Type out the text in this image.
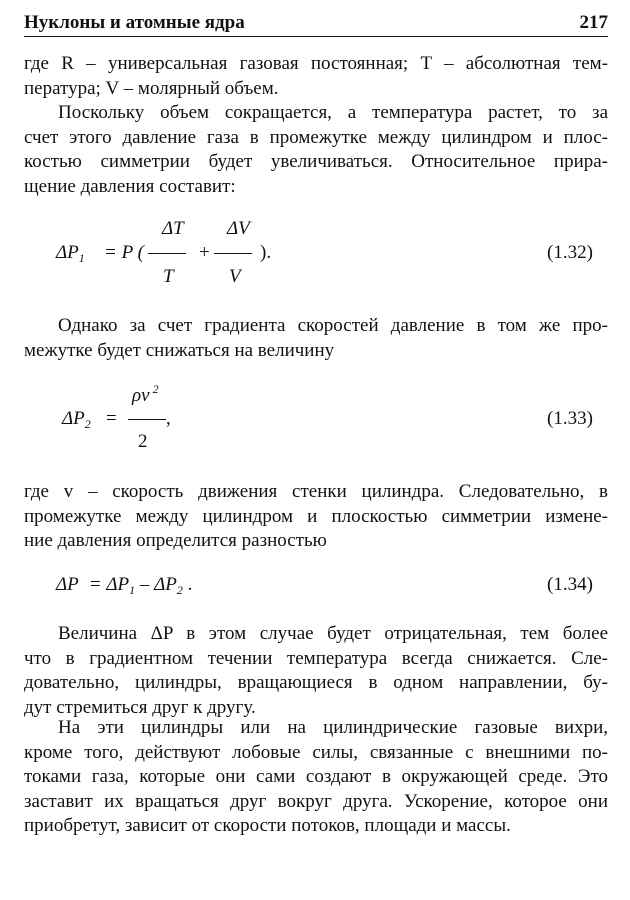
Нуклоны и атомные ядра	217
где R – универсальная газовая постоянная; T – абсолютная тем-
пература; V – молярный объем.
Поскольку объем сокращается, а температура растет, то за
счет этого давление газа в промежутке между цилиндром и плос-
костью симметрии будет увеличиваться. Относительное прира-
щение давления составит:
$\Delta P_1 = P$ (
ΔT
——
T
+
ΔV
——
V
).	(1.32)
Однако за счет градиента скоростей давление в том же про-
межутке будет снижаться на величину
$\Delta P_2$ =
ρv $^2$
——,
2
(1.33)
где v – скорость движения стенки цилиндра. Следовательно, в
промежутке между цилиндром и плоскостью симметрии измене-
ние давления определится разностью
$\Delta P = \Delta P_1 - \Delta P_2$ .	(1.34)
Величина ΔP в этом случае будет отрицательная, тем более
что в градиентном течении температура всегда снижается. Сле-
довательно, цилиндры, вращающиеся в одном направлении, бу-
дут стремиться друг к другу.
На эти цилиндры или на цилиндрические газовые вихри,
кроме того, действуют лобовые силы, связанные с внешними по-
токами газа, которые они сами создают в окружающей среде. Это
заставит их вращаться друг вокруг друга. Ускорение, которое они
приобретут, зависит от скорости потоков, площади и массы.
